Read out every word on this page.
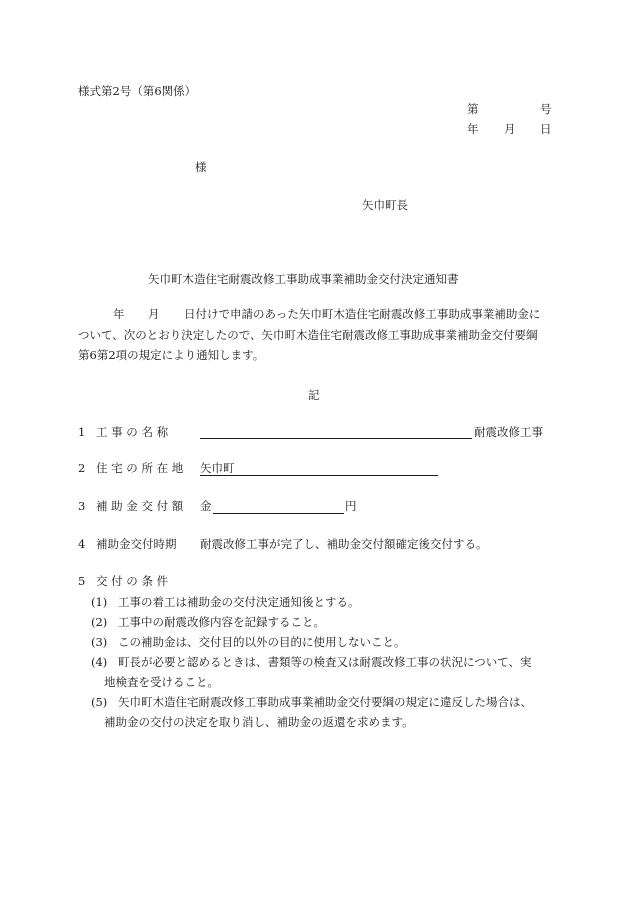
様式第2号（第6関係）
第	号
年 月 日
様
矢巾町長
矢巾町木造住宅耐震改修工事助成事業補助金交付決定通知書
年 月 日付けで申請のあった矢巾町木造住宅耐震改修工事助成事業補助金に
ついて、次のとおり決定したので、矢巾町木造住宅耐震改修工事助成事業補助金交付要綱
第6第2項の規定により通知します。
記
1 工 事 の 名 称	耐震改修工事
2 住 宅 の 所 在 地 矢巾町
3 補 助 金 交 付 額 金	円
4 補助金交付時期 耐震改修工事が完了し、補助金交付額確定後交付する。
5 交 付 の 条 件
(1) 工事の着工は補助金の交付決定通知後とする。
(2) 工事中の耐震改修内容を記録すること。
(3) この補助金は、交付目的以外の目的に使用しないこと。
(4) 町長が必要と認めるときは、書類等の検査又は耐震改修工事の状況について、実
地検査を受けること。
(5) 矢巾町木造住宅耐震改修工事助成事業補助金交付要綱の規定に違反した場合は、
補助金の交付の決定を取り消し、補助金の返還を求めます。
